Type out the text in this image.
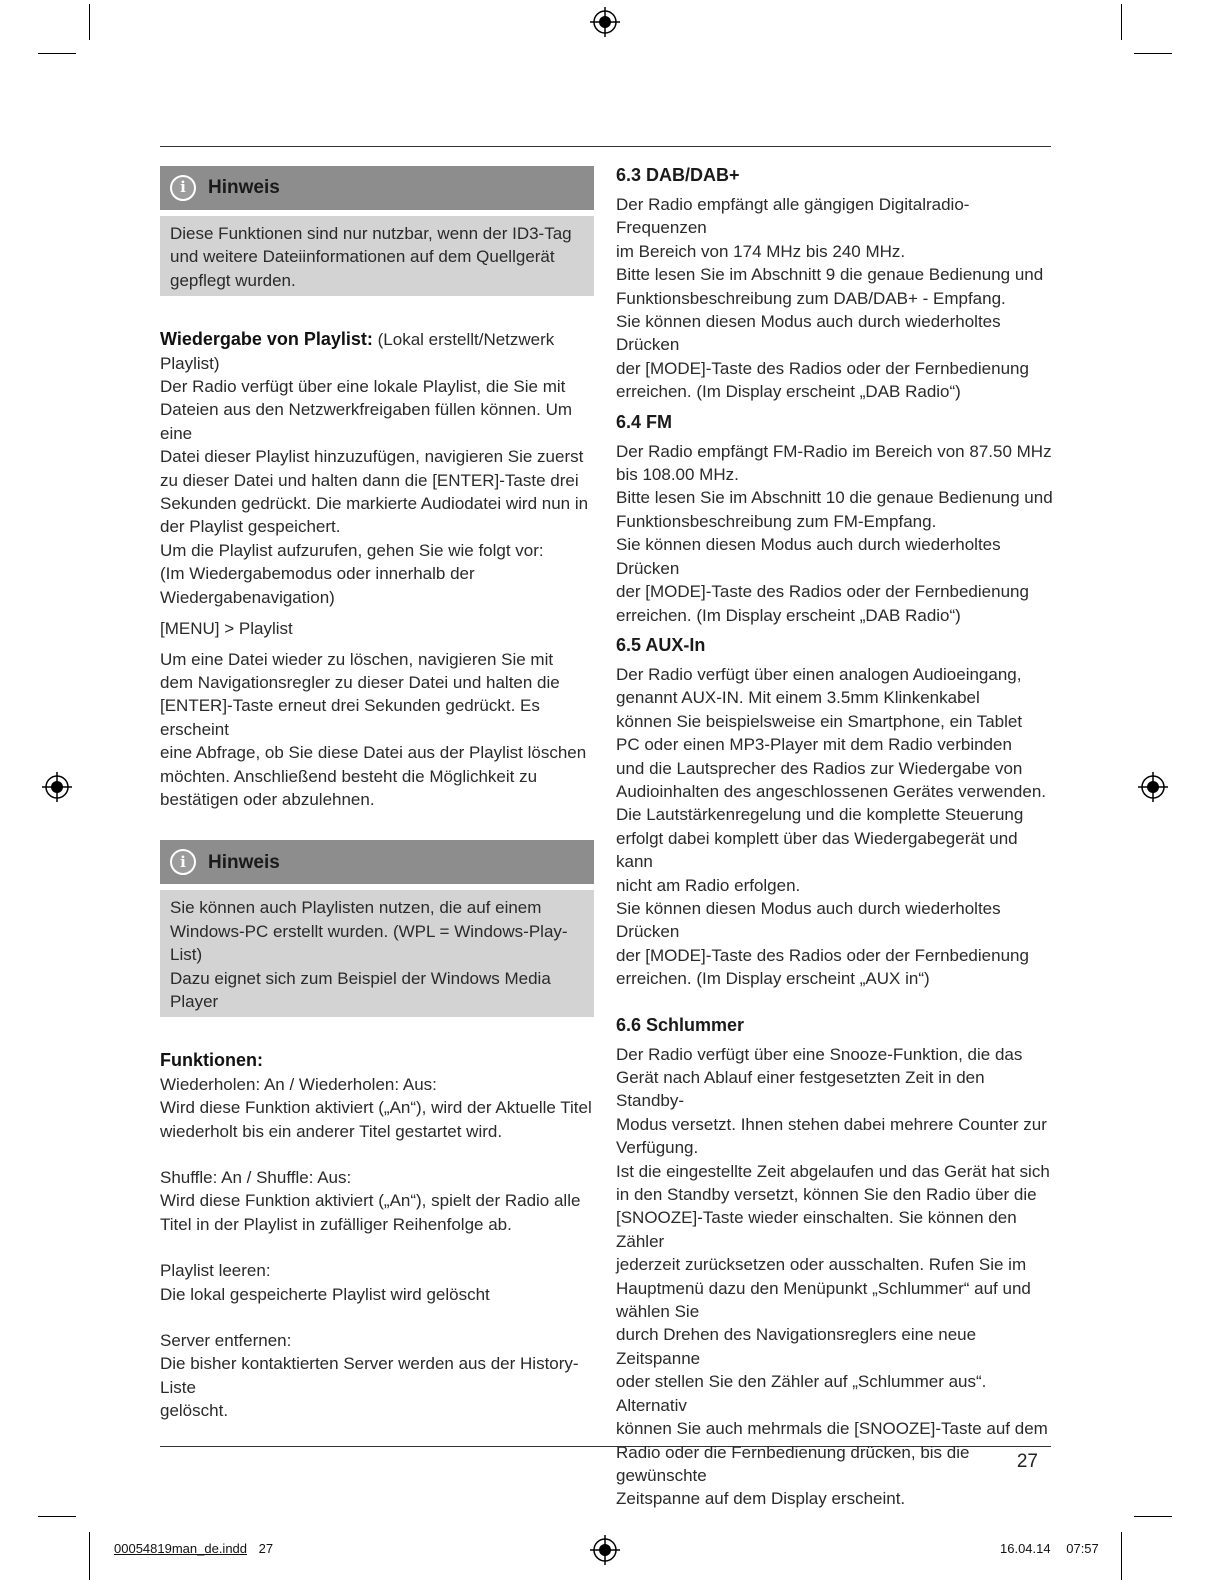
i	Hinweis
Diese Funktionen sind nur nutzbar, wenn der ID3-Tag
und weitere Dateiinformationen auf dem Quellgerät
gepflegt wurden.

Wiedergabe von Playlist: (Lokal erstellt/Netzwerk Playlist)

Der Radio verfügt über eine lokale Playlist, die Sie mit
Dateien aus den Netzwerkfreigaben füllen können. Um eine
Datei dieser Playlist hinzuzufügen, navigieren Sie zuerst
zu dieser Datei und halten dann die [ENTER]-Taste drei
Sekunden gedrückt. Die markierte Audiodatei wird nun in
der Playlist gespeichert.
Um die Playlist aufzurufen, gehen Sie wie folgt vor:
(Im Wiedergabemodus oder innerhalb der
Wiedergabenavigation)

[MENU] > Playlist

Um eine Datei wieder zu löschen, navigieren Sie mit
dem Navigationsregler zu dieser Datei und halten die
[ENTER]-Taste erneut drei Sekunden gedrückt. Es erscheint
eine Abfrage, ob Sie diese Datei aus der Playlist löschen
möchten. Anschließend besteht die Möglichkeit zu
bestätigen oder abzulehnen.

i	Hinweis
Sie können auch Playlisten nutzen, die auf einem
Windows-PC erstellt wurden. (WPL = Windows-Play-List)
Dazu eignet sich zum Beispiel der Windows Media Player

Funktionen:

Wiederholen: An / Wiederholen: Aus:
Wird diese Funktion aktiviert („An“), wird der Aktuelle Titel
wiederholt bis ein anderer Titel gestartet wird.

Shuffle: An / Shuffle: Aus:
Wird diese Funktion aktiviert („An“), spielt der Radio alle
Titel in der Playlist in zufälliger Reihenfolge ab.

Playlist leeren:
Die lokal gespeicherte Playlist wird gelöscht

Server entfernen:
Die bisher kontaktierten Server werden aus der History-Liste
gelöscht.

6.3 DAB/DAB+

Der Radio empfängt alle gängigen Digitalradio-Frequenzen
im Bereich von 174 MHz bis 240 MHz.
Bitte lesen Sie im Abschnitt 9 die genaue Bedienung und
Funktionsbeschreibung zum DAB/DAB+ - Empfang.
Sie können diesen Modus auch durch wiederholtes Drücken
der [MODE]-Taste des Radios oder der Fernbedienung
erreichen. (Im Display erscheint „DAB Radio“)

6.4 FM

Der Radio empfängt FM-Radio im Bereich von 87.50 MHz
bis 108.00 MHz.
Bitte lesen Sie im Abschnitt 10 die genaue Bedienung und
Funktionsbeschreibung zum FM-Empfang.
Sie können diesen Modus auch durch wiederholtes Drücken
der [MODE]-Taste des Radios oder der Fernbedienung
erreichen. (Im Display erscheint „DAB Radio“)

6.5 AUX-In

Der Radio verfügt über einen analogen Audioeingang,
genannt AUX-IN. Mit einem 3.5mm Klinkenkabel
können Sie beispielsweise ein Smartphone, ein Tablet
PC oder einen MP3-Player mit dem Radio verbinden
und die Lautsprecher des Radios zur Wiedergabe von
Audioinhalten des angeschlossenen Gerätes verwenden.
Die Lautstärkenregelung und die komplette Steuerung
erfolgt dabei komplett über das Wiedergabegerät und kann
nicht am Radio erfolgen.
Sie können diesen Modus auch durch wiederholtes Drücken
der [MODE]-Taste des Radios oder der Fernbedienung
erreichen. (Im Display erscheint „AUX in“)

6.6 Schlummer

Der Radio verfügt über eine Snooze-Funktion, die das
Gerät nach Ablauf einer festgesetzten Zeit in den Standby-
Modus versetzt. Ihnen stehen dabei mehrere Counter zur
Verfügung.
Ist die eingestellte Zeit abgelaufen und das Gerät hat sich
in den Standby versetzt, können Sie den Radio über die
[SNOOZE]-Taste wieder einschalten. Sie können den Zähler
jederzeit zurücksetzen oder ausschalten. Rufen Sie im
Hauptmenü dazu den Menüpunkt „Schlummer“ auf und
wählen Sie
durch Drehen des Navigationsreglers eine neue Zeitspanne
oder stellen Sie den Zähler auf „Schlummer aus“. Alternativ
können Sie auch mehrmals die [SNOOZE]-Taste auf dem
Radio oder die Fernbedienung drücken, bis die gewünschte
Zeitspanne auf dem Display erscheint.

27
00054819man_de.indd 27	16.04.14 07:57
